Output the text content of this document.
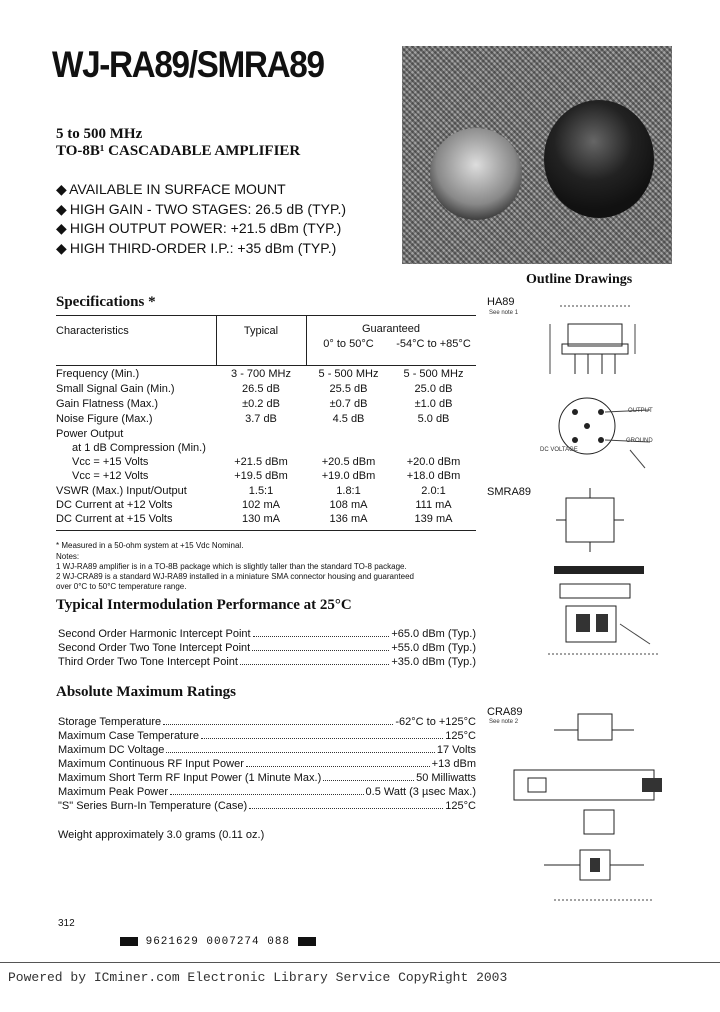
WJ-RA89/SMRA89
5 to 500 MHz
TO-8B¹ CASCADABLE AMPLIFIER
◆ AVAILABLE IN SURFACE MOUNT
◆ HIGH GAIN - TWO STAGES: 26.5 dB (TYP.)
◆ HIGH OUTPUT POWER: +21.5 dBm (TYP.)
◆ HIGH THIRD-ORDER I.P.: +35 dBm (TYP.)
Outline Drawings
Specifications *
Characteristics	Typical	Guaranteed
0° to 50°C	-54°C to +85°C
Frequency (Min.)	3 - 700 MHz	5 - 500 MHz	5 - 500 MHz
Small Signal Gain (Min.)	26.5 dB	25.5 dB	25.0 dB
Gain Flatness (Max.)	±0.2 dB	±0.7 dB	±1.0 dB
Noise Figure (Max.)	3.7 dB	4.5 dB	5.0 dB
Power Output
at 1 dB Compression (Min.)
Vcc = +15 Volts	+21.5 dBm	+20.5 dBm	+20.0 dBm
Vcc = +12 Volts	+19.5 dBm	+19.0 dBm	+18.0 dBm
VSWR (Max.) Input/Output	1.5:1	1.8:1	2.0:1
DC Current at +12 Volts	102 mA	108 mA	111 mA
DC Current at +15 Volts	130 mA	136 mA	139 mA
* Measured in a 50-ohm system at +15 Vdc Nominal.
Notes:
1 WJ-RA89 amplifier is in a TO-8B package which is slightly taller than the standard TO-8 package.
2 WJ-CRA89 is a standard WJ-RA89 installed in a miniature SMA connector housing and guaranteed
over 0°C to 50°C temperature range.
Typical Intermodulation Performance at 25°C
Second Order Harmonic Intercept Point	+65.0 dBm (Typ.)
Second Order Two Tone Intercept Point	+55.0 dBm (Typ.)
Third Order Two Tone Intercept Point	+35.0 dBm (Typ.)
Absolute Maximum Ratings
Storage Temperature	-62°C to +125°C
Maximum Case Temperature	125°C
Maximum DC Voltage	17 Volts
Maximum Continuous RF Input Power	+13 dBm
Maximum Short Term RF Input Power (1 Minute Max.)	50 Milliwatts
Maximum Peak Power	0.5 Watt (3 µsec Max.)
"S" Series Burn-In Temperature (Case)	125°C
Weight approximately 3.0 grams (0.11 oz.)
HA89
See note 1
OUTPUT
GROUND
DC VOLTAGE
SMRA89
CRA89
See note 2
312
9621629 0007274 088
Powered by ICminer.com Electronic Library Service CopyRight 2003
